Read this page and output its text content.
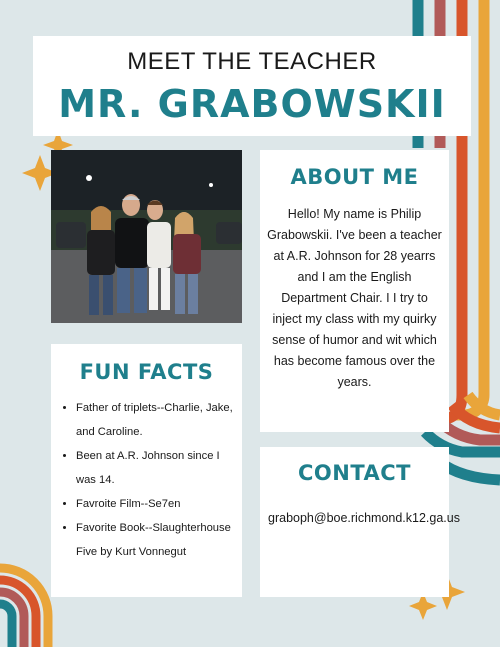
MEET THE TEACHER
MR. GRABOWSKII
ABOUT ME
Hello! My name is Philip Grabowskii. I've been a teacher at A.R. Johnson for 28 yearrs and I am the English Department Chair. I I try to inject my class with my quirky sense of humor and wit which has become famous over the years.
FUN FACTS
• Father of triplets--Charlie, Jake, and Caroline.
• Been at A.R. Johnson since I was 14.
• Favroite Film--Se7en
• Favorite Book--Slaughterhouse Five by Kurt Vonnegut
CONTACT
graboph@boe.richmond.k12.ga.us
